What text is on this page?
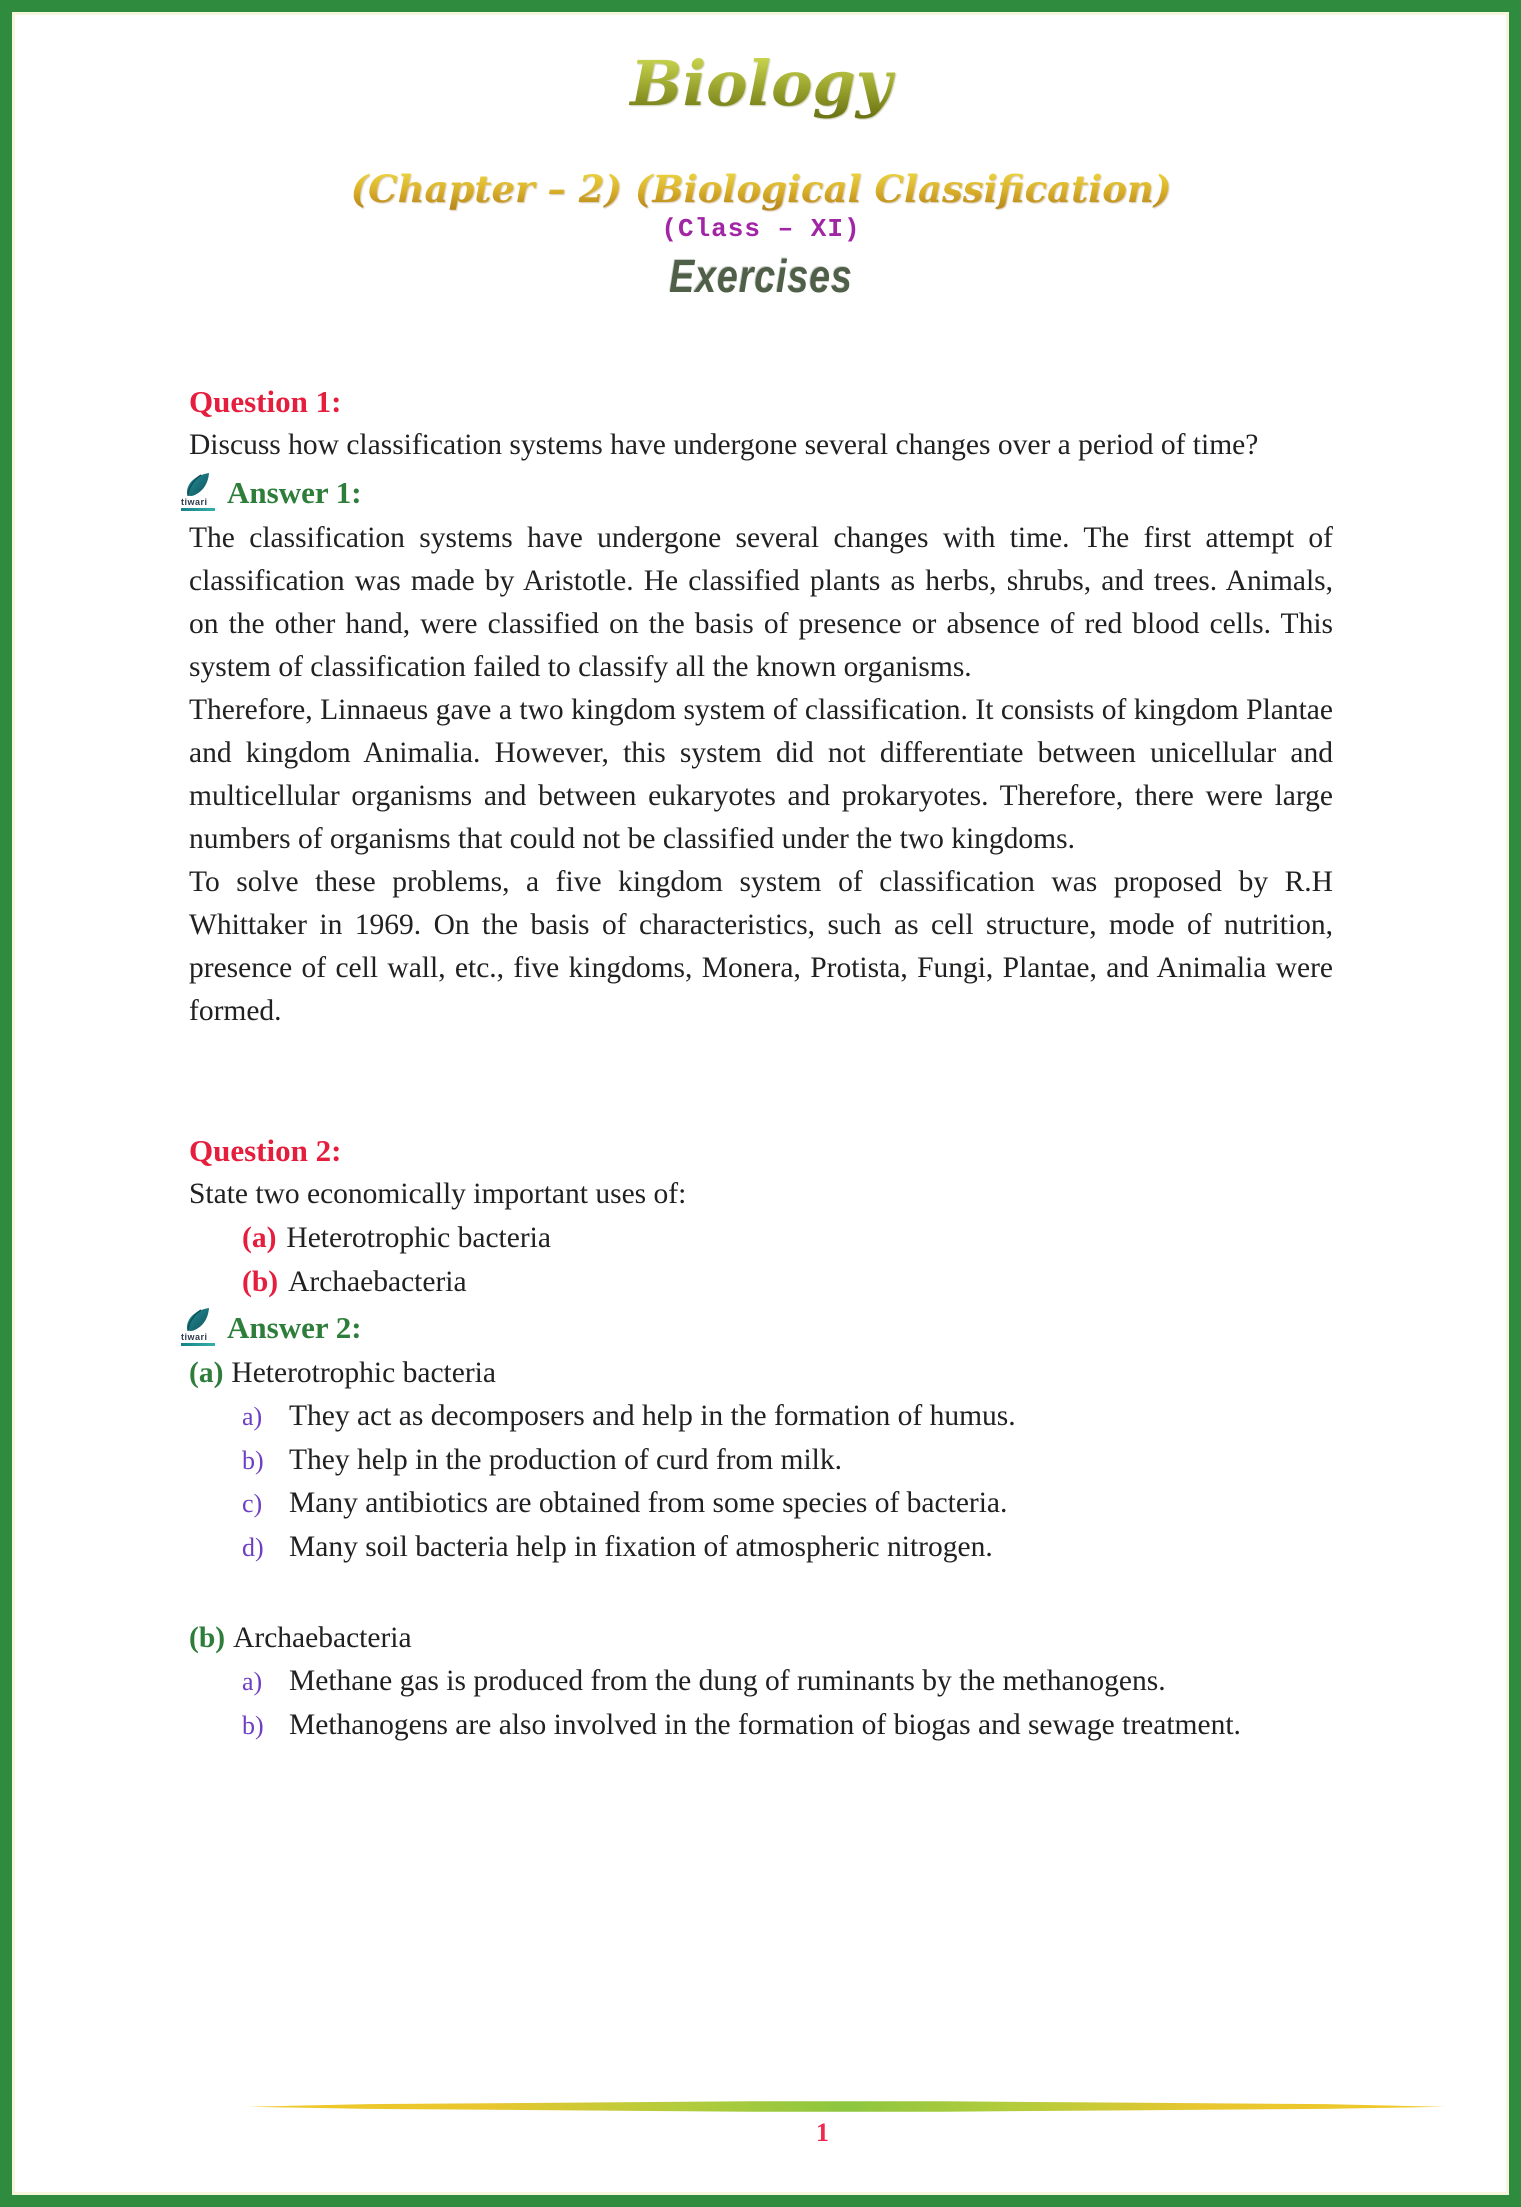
Biology
(Chapter – 2) (Biological Classification)
(Class – XI)
Exercises
Question 1:
Discuss how classification systems have undergone several changes over a period of time?
tiwari Answer 1:
The classification systems have undergone several changes with time. The first attempt of classification was made by Aristotle. He classified plants as herbs, shrubs, and trees. Animals, on the other hand, were classified on the basis of presence or absence of red blood cells. This system of classification failed to classify all the known organisms.
Therefore, Linnaeus gave a two kingdom system of classification. It consists of kingdom Plantae and kingdom Animalia. However, this system did not differentiate between unicellular and multicellular organisms and between eukaryotes and prokaryotes. Therefore, there were large numbers of organisms that could not be classified under the two kingdoms.
To solve these problems, a five kingdom system of classification was proposed by R.H Whittaker in 1969. On the basis of characteristics, such as cell structure, mode of nutrition, presence of cell wall, etc., five kingdoms, Monera, Protista, Fungi, Plantae, and Animalia were formed.
Question 2:
State two economically important uses of:
(a) Heterotrophic bacteria
(b) Archaebacteria
tiwari Answer 2:
(a) Heterotrophic bacteria
a) They act as decomposers and help in the formation of humus.
b) They help in the production of curd from milk.
c) Many antibiotics are obtained from some species of bacteria.
d) Many soil bacteria help in fixation of atmospheric nitrogen.
(b) Archaebacteria
a) Methane gas is produced from the dung of ruminants by the methanogens.
b) Methanogens are also involved in the formation of biogas and sewage treatment.
1
